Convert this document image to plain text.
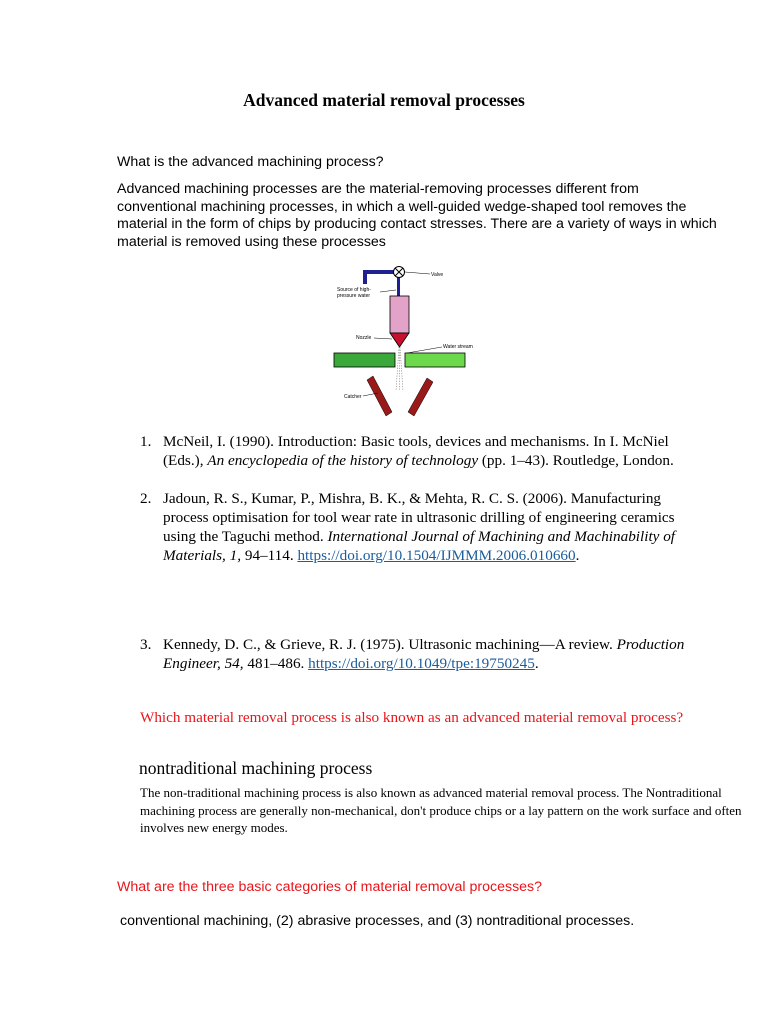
Advanced material removal processes
What is the advanced machining process?
Advanced machining processes are the material-removing processes different from conventional machining processes, in which a well-guided wedge-shaped tool removes the material in the form of chips by producing contact stresses. There are a variety of ways in which material is removed using these processes
Valve
Source of high-pressure water
Nozzle
Water stream
Catcher
1. McNeil, I. (1990). Introduction: Basic tools, devices and mechanisms. In I. McNiel (Eds.), An encyclopedia of the history of technology (pp. 1–43). Routledge, London.
2. Jadoun, R. S., Kumar, P., Mishra, B. K., & Mehta, R. C. S. (2006). Manufacturing process optimisation for tool wear rate in ultrasonic drilling of engineering ceramics using the Taguchi method. International Journal of Machining and Machinability of Materials, 1, 94–114. https://doi.org/10.1504/IJMMM.2006.010660.
3. Kennedy, D. C., & Grieve, R. J. (1975). Ultrasonic machining—A review. Production Engineer, 54, 481–486. https://doi.org/10.1049/tpe:19750245.
Which material removal process is also known as an advanced material removal process?
nontraditional machining process
The non-traditional machining process is also known as advanced material removal process. The Nontraditional machining process are generally non-mechanical, don't produce chips or a lay pattern on the work surface and often involves new energy modes.
What are the three basic categories of material removal processes?
conventional machining, (2) abrasive processes, and (3) nontraditional processes.
